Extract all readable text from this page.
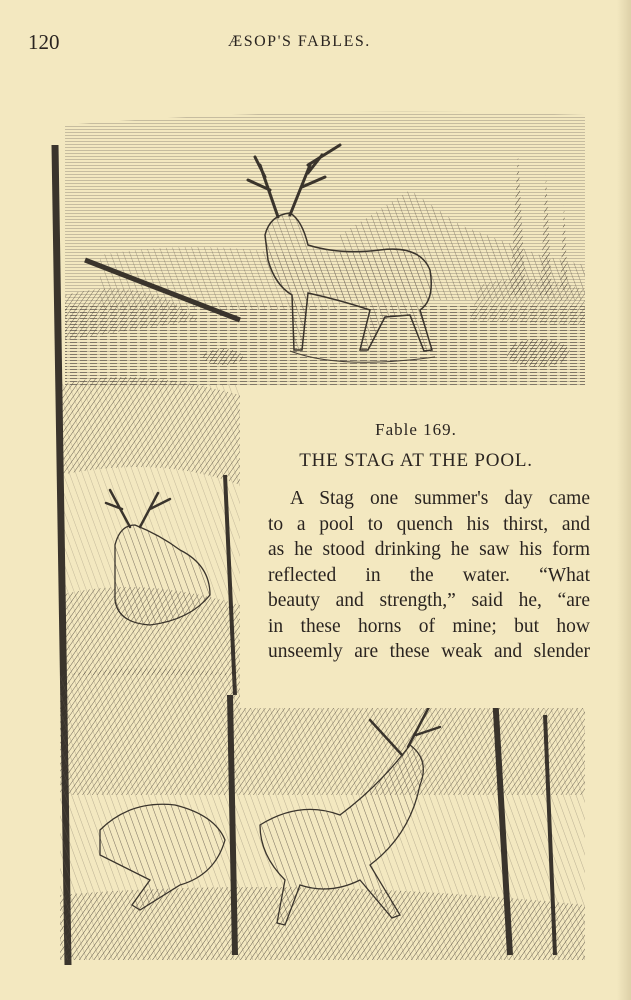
120	ÆSOP'S FABLES.
Fable 169.
THE STAG AT THE POOL.
A Stag one summer's day came
to a pool to quench his thirst, and
as he stood drinking he saw his form
reflected in the water. “What
beauty and strength,” said he, “are
in these horns of mine; but how
unseemly are these weak and slender
